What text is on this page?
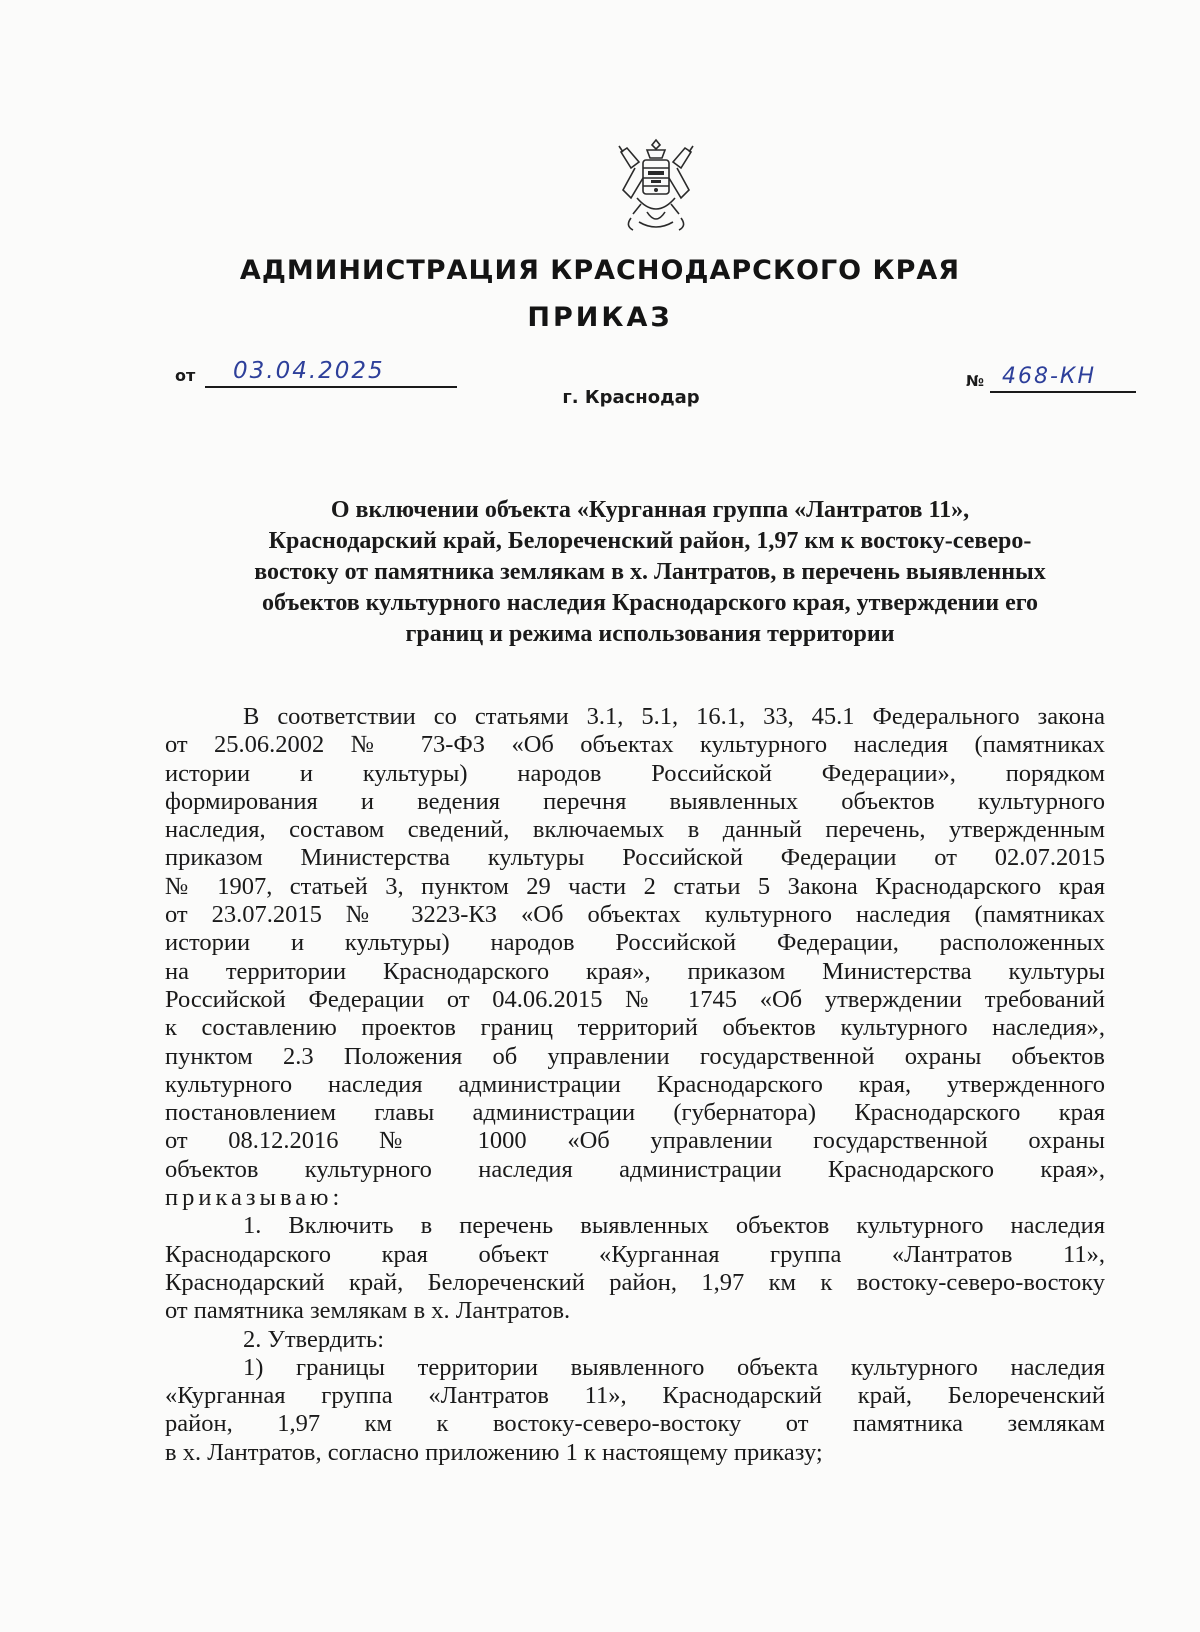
АДМИНИСТРАЦИЯ КРАСНОДАРСКОГО КРАЯ
ПРИКАЗ
от 03.04.2025	№ 468-КН
г. Краснодар
О включении объекта «Курганная группа «Лантратов 11»,
Краснодарский край, Белореченский район, 1,97 км к востоку-северо-
востоку от памятника землякам в х. Лантратов, в перечень выявленных
объектов культурного наследия Краснодарского края, утверждении его
границ и режима использования территории
В соответствии со статьями 3.1, 5.1, 16.1, 33, 45.1 Федерального закона
от 25.06.2002 № 73-ФЗ «Об объектах культурного наследия (памятниках
истории и культуры) народов Российской Федерации», порядком
формирования и ведения перечня выявленных объектов культурного
наследия, составом сведений, включаемых в данный перечень, утвержденным
приказом Министерства культуры Российской Федерации от 02.07.2015
№ 1907, статьей 3, пунктом 29 части 2 статьи 5 Закона Краснодарского края
от 23.07.2015 № 3223-КЗ «Об объектах культурного наследия (памятниках
истории и культуры) народов Российской Федерации, расположенных
на территории Краснодарского края», приказом Министерства культуры
Российской Федерации от 04.06.2015 № 1745 «Об утверждении требований
к составлению проектов границ территорий объектов культурного наследия»,
пунктом 2.3 Положения об управлении государственной охраны объектов
культурного наследия администрации Краснодарского края, утвержденного
постановлением главы администрации (губернатора) Краснодарского края
от 08.12.2016 № 1000 «Об управлении государственной охраны
объектов культурного наследия администрации Краснодарского края»,
приказываю:
1. Включить в перечень выявленных объектов культурного наследия
Краснодарского края объект «Курганная группа «Лантратов 11»,
Краснодарский край, Белореченский район, 1,97 км к востоку-северо-востоку
от памятника землякам в х. Лантратов.
2. Утвердить:
1) границы территории выявленного объекта культурного наследия
«Курганная группа «Лантратов 11», Краснодарский край, Белореченский
район, 1,97 км к востоку-северо-востоку от памятника землякам
в х. Лантратов, согласно приложению 1 к настоящему приказу;
